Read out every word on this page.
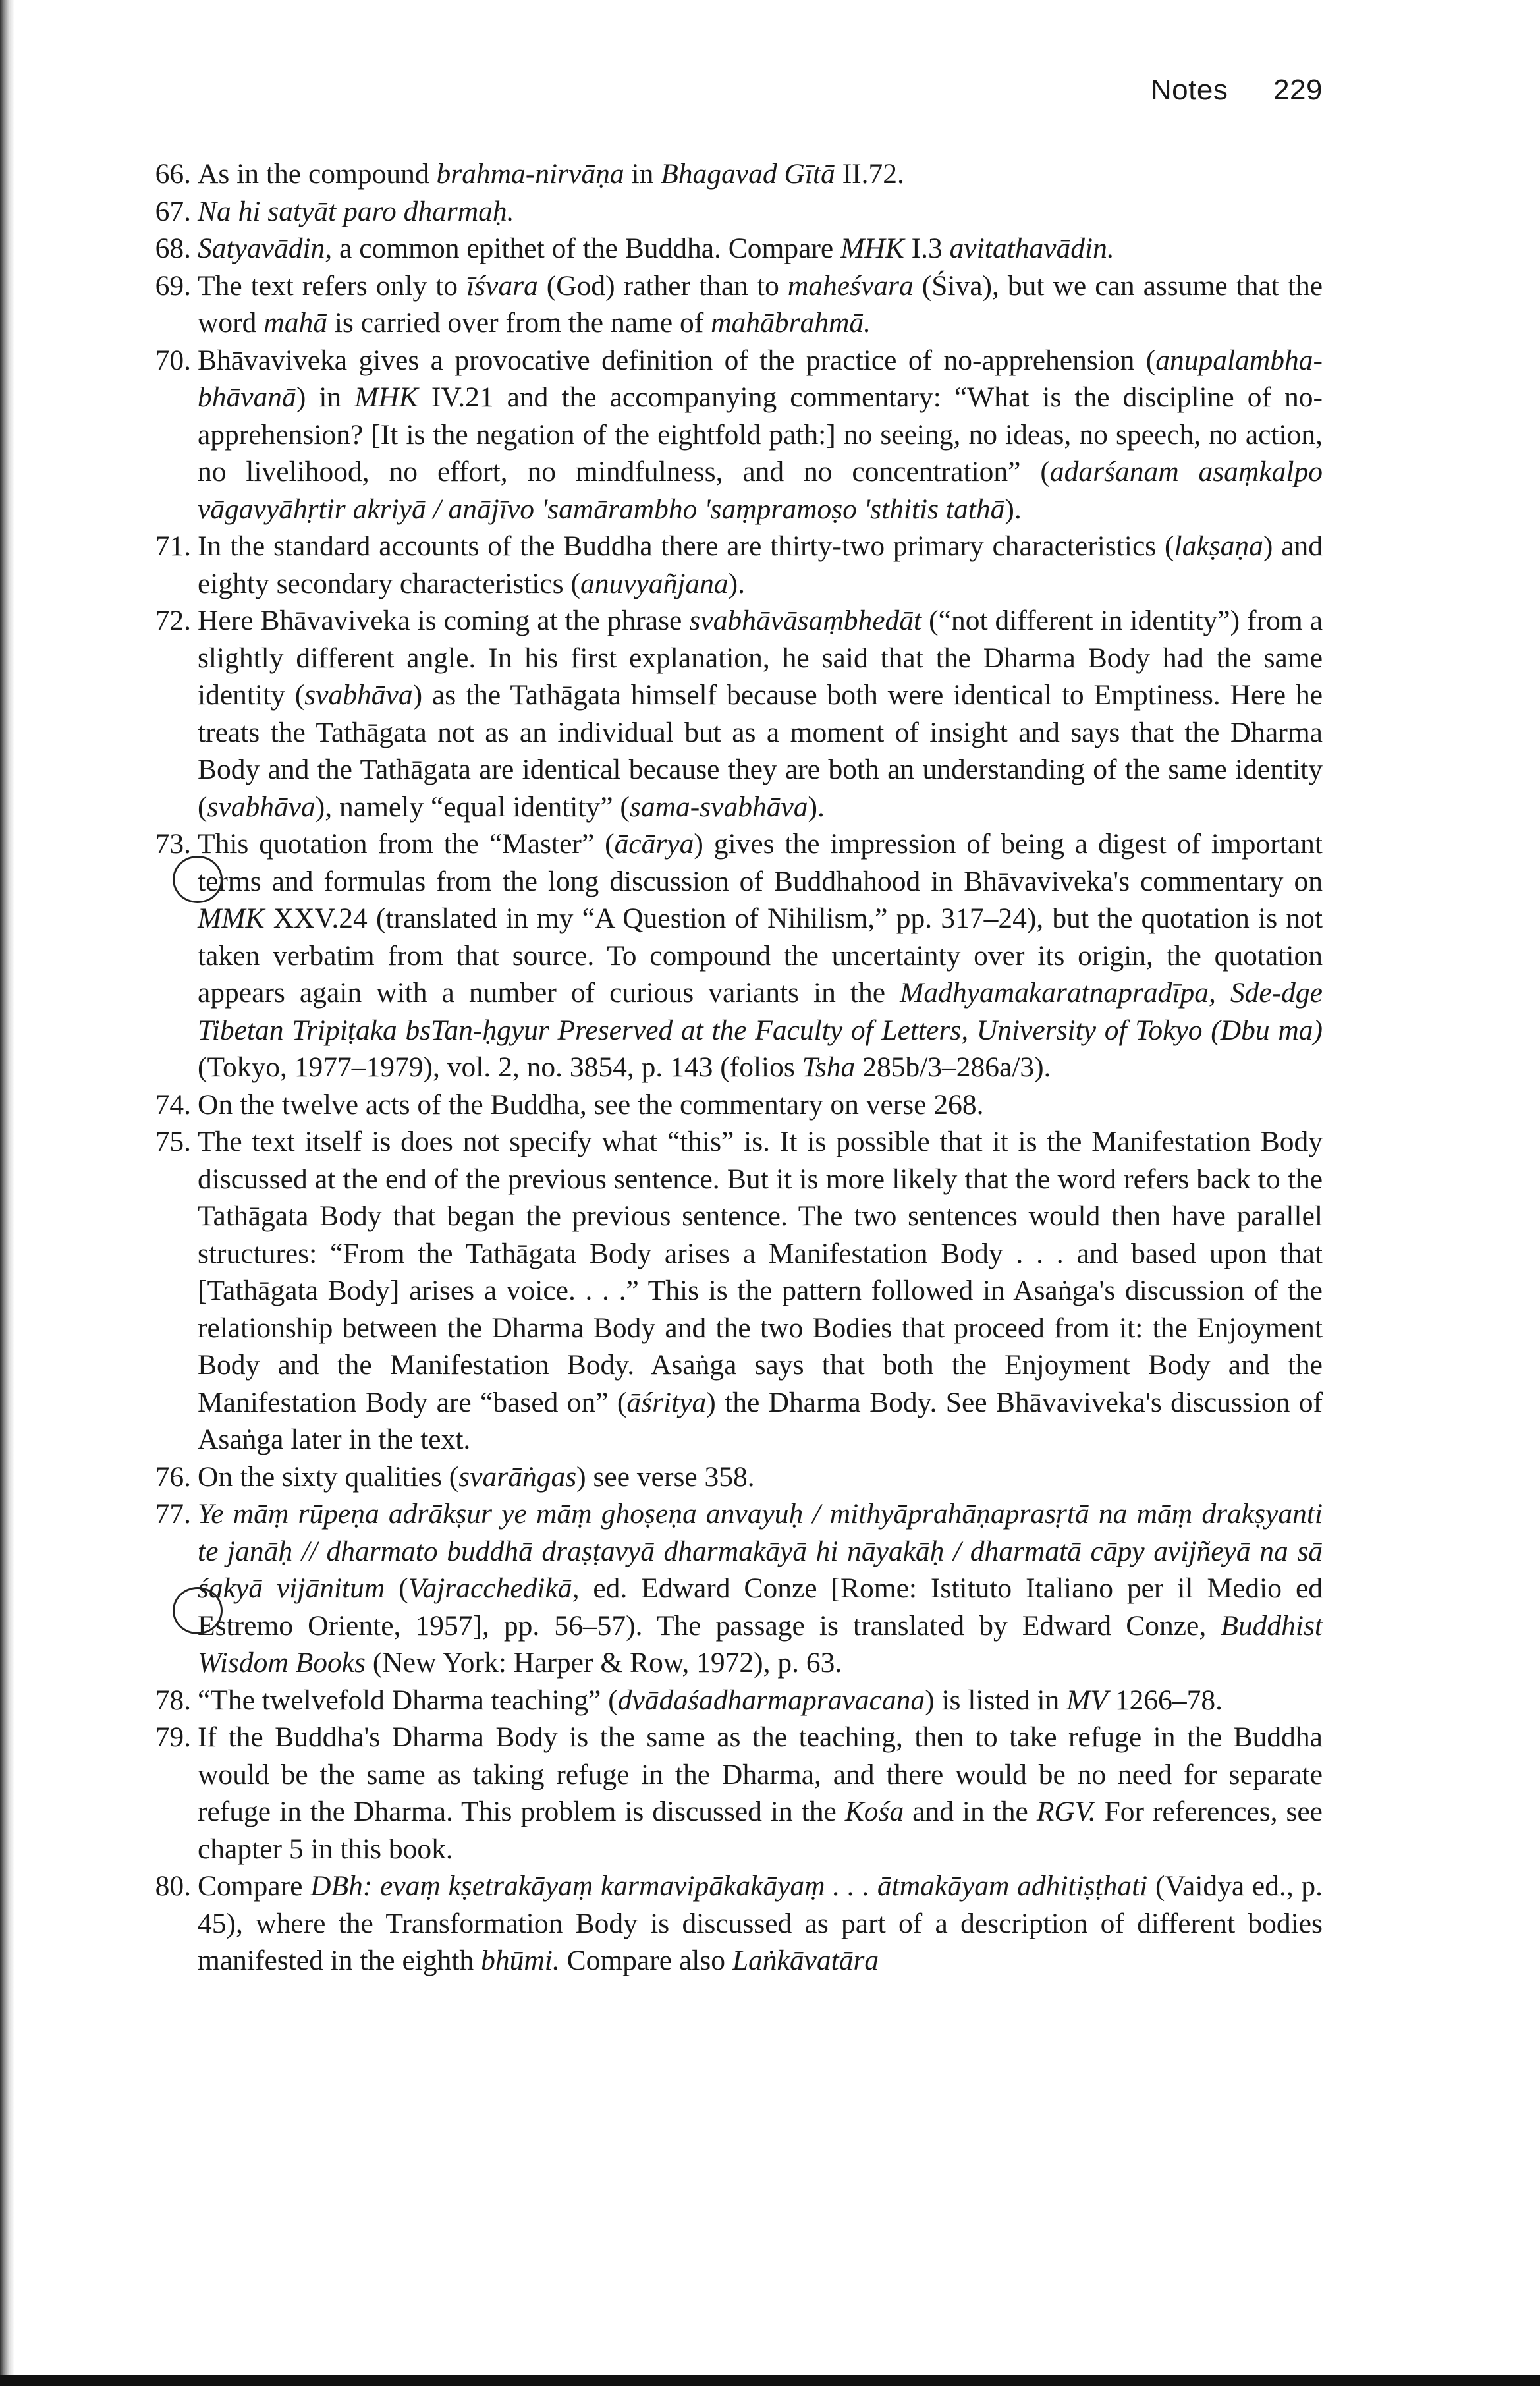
Notes 229
66. As in the compound brahma-nirvāṇa in Bhagavad Gītā II.72.
67. Na hi satyāt paro dharmaḥ.
68. Satyavādin, a common epithet of the Buddha. Compare MHK I.3 avitathavādin.
69. The text refers only to īśvara (God) rather than to maheśvara (Śiva), but we can assume that the word mahā is carried over from the name of mahābrahmā.
70. Bhāvaviveka gives a provocative definition of the practice of no-apprehension (anupalambha-bhāvanā) in MHK IV.21 and the accompanying commentary: “What is the discipline of no-apprehension? [It is the negation of the eightfold path:] no seeing, no ideas, no speech, no action, no livelihood, no effort, no mindfulness, and no concentration” (adarśanam asaṃkalpo vāgavyāhṛtir akriyā / anājīvo 'samārambho 'saṃpramoṣo 'sthitis tathā).
71. In the standard accounts of the Buddha there are thirty-two primary characteristics (lakṣaṇa) and eighty secondary characteristics (anuvyañjana).
72. Here Bhāvaviveka is coming at the phrase svabhāvāsaṃbhedāt (“not different in identity”) from a slightly different angle. In his first explanation, he said that the Dharma Body had the same identity (svabhāva) as the Tathāgata himself because both were identical to Emptiness. Here he treats the Tathāgata not as an individual but as a moment of insight and says that the Dharma Body and the Tathāgata are identical because they are both an understanding of the same identity (svabhāva), namely “equal identity” (sama-svabhāva).
73. This quotation from the “Master” (ācārya) gives the impression of being a digest of important terms and formulas from the long discussion of Buddhahood in Bhāvaviveka's commentary on MMK XXV.24 (translated in my “A Question of Nihilism,” pp. 317–24), but the quotation is not taken verbatim from that source. To compound the uncertainty over its origin, the quotation appears again with a number of curious variants in the Madhyamakaratnapradīpa, Sde-dge Tibetan Tripiṭaka bsTan-ḥgyur Preserved at the Faculty of Letters, University of Tokyo (Dbu ma) (Tokyo, 1977–1979), vol. 2, no. 3854, p. 143 (folios Tsha 285b/3–286a/3).
74. On the twelve acts of the Buddha, see the commentary on verse 268.
75. The text itself is does not specify what “this” is. It is possible that it is the Manifestation Body discussed at the end of the previous sentence. But it is more likely that the word refers back to the Tathāgata Body that began the previous sentence. The two sentences would then have parallel structures: “From the Tathāgata Body arises a Manifestation Body . . . and based upon that [Tathāgata Body] arises a voice. . . .” This is the pattern followed in Asaṅga's discussion of the relationship between the Dharma Body and the two Bodies that proceed from it: the Enjoyment Body and the Manifestation Body. Asaṅga says that both the Enjoyment Body and the Manifestation Body are “based on” (āśritya) the Dharma Body. See Bhāvaviveka's discussion of Asaṅga later in the text.
76. On the sixty qualities (svarāṅgas) see verse 358.
77. Ye māṃ rūpeṇa adrākṣur ye māṃ ghoṣeṇa anvayuḥ / mithyāprahāṇaprasṛtā na māṃ drakṣyanti te janāḥ // dharmato buddhā draṣṭavyā dharmakāyā hi nāyakāḥ / dharmatā cāpy avijñeyā na sā śakyā vijānitum (Vajracchedikā, ed. Edward Conze [Rome: Istituto Italiano per il Medio ed Estremo Oriente, 1957], pp. 56–57). The passage is translated by Edward Conze, Buddhist Wisdom Books (New York: Harper & Row, 1972), p. 63.
78. “The twelvefold Dharma teaching” (dvādaśadharmapravacana) is listed in MV 1266–78.
79. If the Buddha's Dharma Body is the same as the teaching, then to take refuge in the Buddha would be the same as taking refuge in the Dharma, and there would be no need for separate refuge in the Dharma. This problem is discussed in the Kośa and in the RGV. For references, see chapter 5 in this book.
80. Compare DBh: evaṃ kṣetrakāyaṃ karmavipākakāyaṃ . . . ātmakāyam adhitiṣṭhati (Vaidya ed., p. 45), where the Transformation Body is discussed as part of a description of different bodies manifested in the eighth bhūmi. Compare also Laṅkāvatāra
